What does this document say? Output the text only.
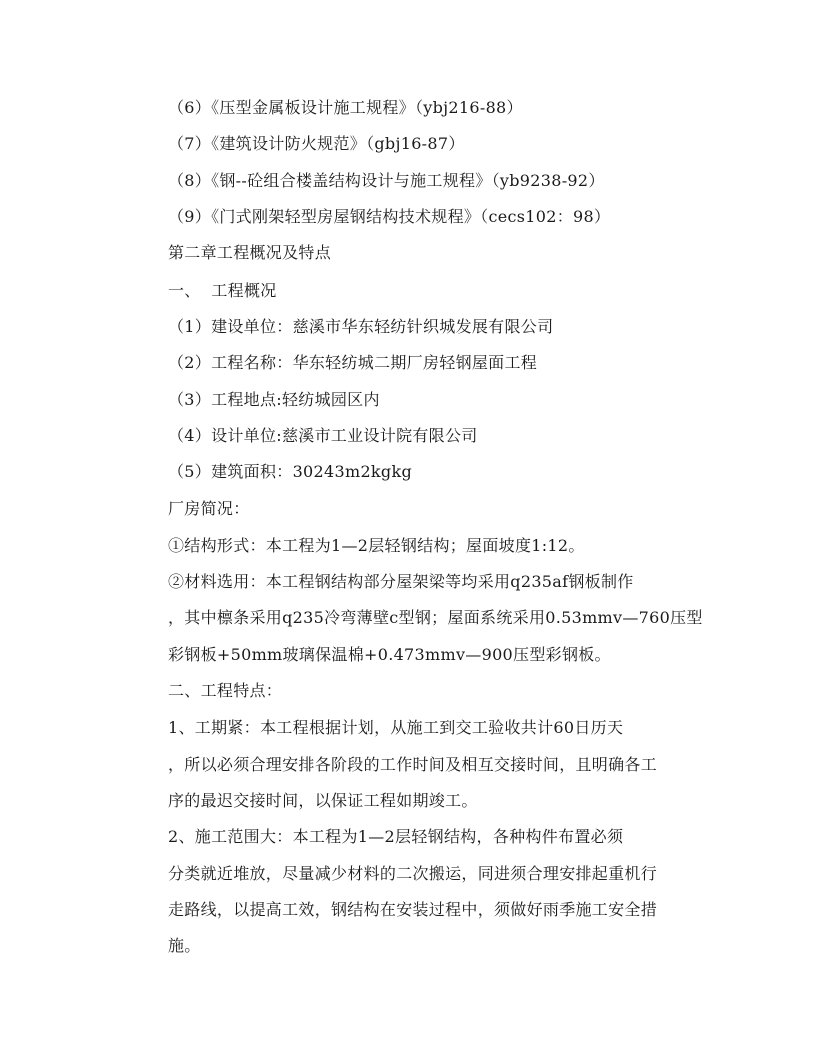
（6）《压型金属板设计施工规程》（ybj216-88）
（7）《建筑设计防火规范》（gbj16-87）
（8）《钢--砼组合楼盖结构设计与施工规程》（yb9238-92）
（9）《门式刚架轻型房屋钢结构技术规程》（cecs102：98）
第二章工程概况及特点
一、  工程概况
（1）建设单位：慈溪市华东轻纺针织城发展有限公司
（2）工程名称：华东轻纺城二期厂房轻钢屋面工程
（3）工程地点:轻纺城园区内
（4）设计单位:慈溪市工业设计院有限公司
（5）建筑面积：30243m2kgkg
厂房简况：
①结构形式：本工程为1—2层轻钢结构；屋面坡度1:12。
②材料选用：本工程钢结构部分屋架梁等均采用q235af钢板制作
，其中檩条采用q235冷弯薄壁c型钢；屋面系统采用0.53mmv—760压型
彩钢板+50mm玻璃保温棉+0.473mmv—900压型彩钢板。
二、工程特点：
1、工期紧：本工程根据计划，从施工到交工验收共计60日历天
，所以必须合理安排各阶段的工作时间及相互交接时间，且明确各工
序的最迟交接时间，以保证工程如期竣工。
2、施工范围大：本工程为1—2层轻钢结构，各种构件布置必须
分类就近堆放，尽量减少材料的二次搬运，同进须合理安排起重机行
走路线，以提高工效，钢结构在安装过程中，须做好雨季施工安全措
施。
